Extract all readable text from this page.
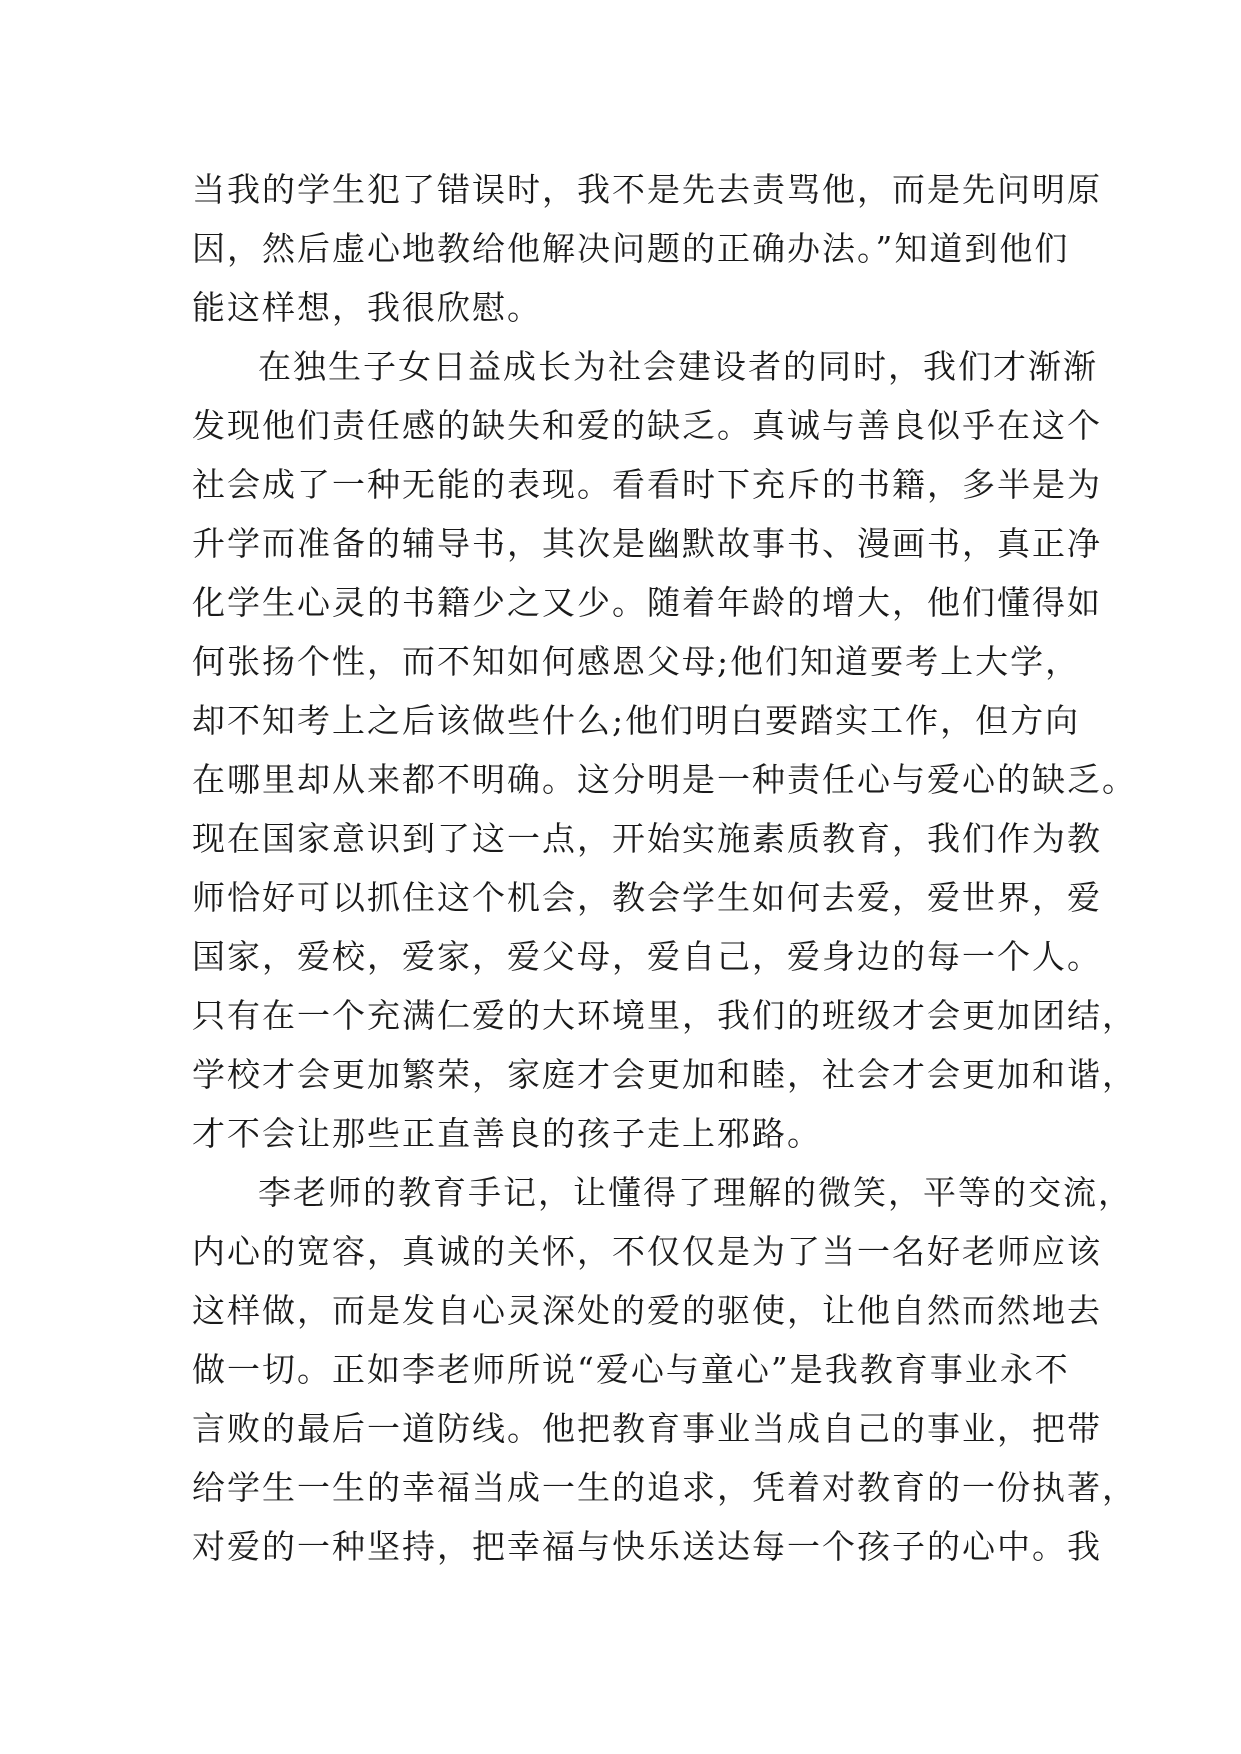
当我的学生犯了错误时，我不是先去责骂他，而是先问明原
因，然后虚心地教给他解决问题的正确办法。”知道到他们
能这样想，我很欣慰。
在独生子女日益成长为社会建设者的同时，我们才渐渐
发现他们责任感的缺失和爱的缺乏。真诚与善良似乎在这个
社会成了一种无能的表现。看看时下充斥的书籍，多半是为
升学而准备的辅导书，其次是幽默故事书、漫画书，真正净
化学生心灵的书籍少之又少。随着年龄的增大，他们懂得如
何张扬个性，而不知如何感恩父母;他们知道要考上大学，
却不知考上之后该做些什么;他们明白要踏实工作，但方向
在哪里却从来都不明确。这分明是一种责任心与爱心的缺乏。
现在国家意识到了这一点，开始实施素质教育，我们作为教
师恰好可以抓住这个机会，教会学生如何去爱，爱世界，爱
国家，爱校，爱家，爱父母，爱自己，爱身边的每一个人。
只有在一个充满仁爱的大环境里，我们的班级才会更加团结，
学校才会更加繁荣，家庭才会更加和睦，社会才会更加和谐，
才不会让那些正直善良的孩子走上邪路。
李老师的教育手记，让懂得了理解的微笑，平等的交流，
内心的宽容，真诚的关怀，不仅仅是为了当一名好老师应该
这样做，而是发自心灵深处的爱的驱使，让他自然而然地去
做一切。正如李老师所说“爱心与童心”是我教育事业永不
言败的最后一道防线。他把教育事业当成自己的事业，把带
给学生一生的幸福当成一生的追求，凭着对教育的一份执著，
对爱的一种坚持，把幸福与快乐送达每一个孩子的心中。我
